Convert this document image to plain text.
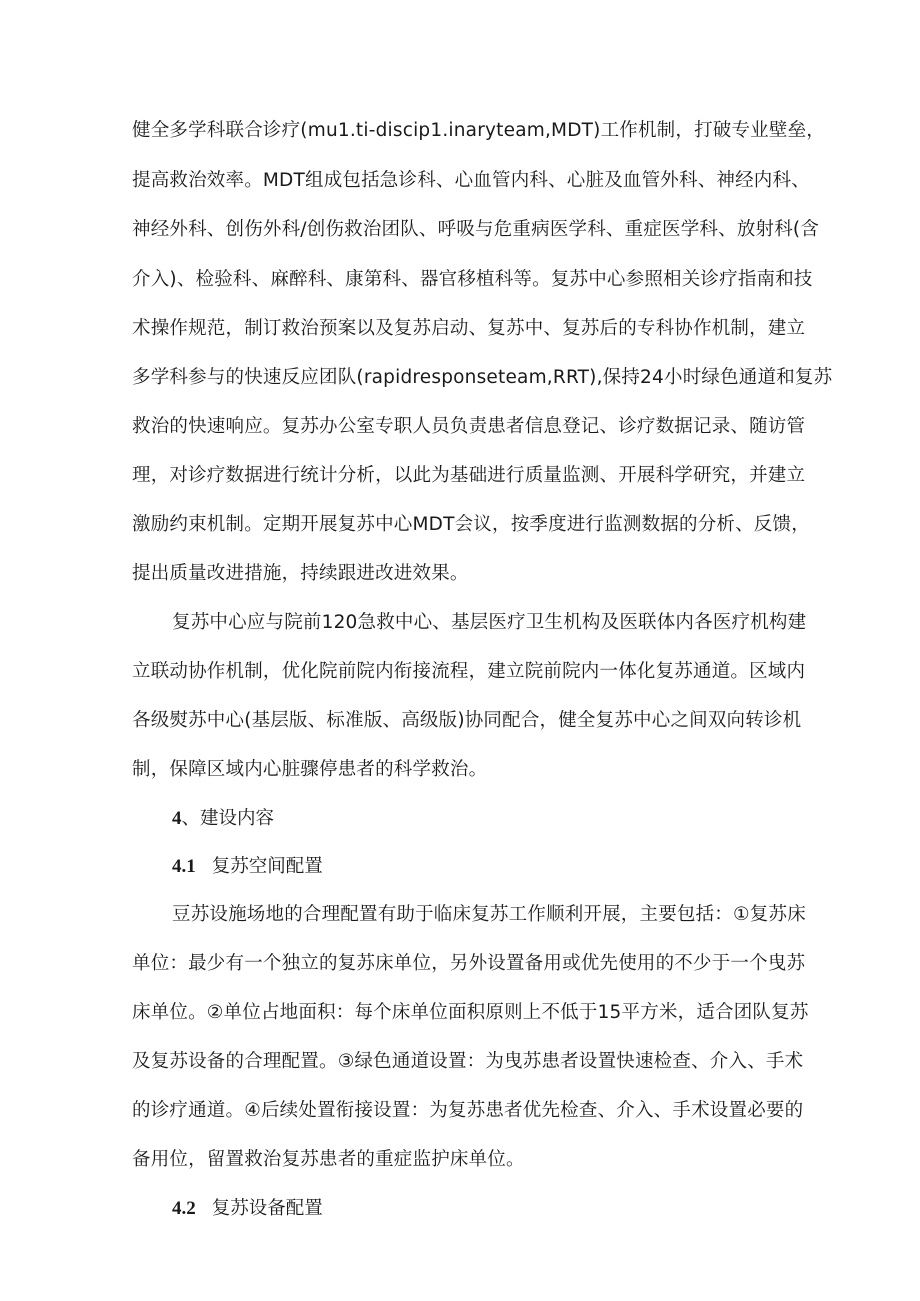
健全多学科联合诊疗(mu1.ti-discip1.inaryteam,MDT)工作机制，打破专业壁垒，
提高救治效率。MDT组成包括急诊科、心血管内科、心脏及血管外科、神经内科、
神经外科、创伤外科/创伤救治团队、呼吸与危重病医学科、重症医学科、放射科(含
介入)、检验科、麻醉科、康第科、器官移植科等。复苏中心参照相关诊疗指南和技
术操作规范，制订救治预案以及复苏启动、复苏中、复苏后的专科协作机制，建立
多学科参与的快速反应团队(rapidresponseteam,RRT),保持24小时绿色通道和复苏
救治的快速响应。复苏办公室专职人员负责患者信息登记、诊疗数据记录、随访管
理，对诊疗数据进行统计分析，以此为基础进行质量监测、开展科学研究，并建立
激励约束机制。定期开展复苏中心MDT会议，按季度进行监测数据的分析、反馈，
提出质量改进措施，持续跟进改进效果。
复苏中心应与院前120急救中心、基层医疗卫生机构及医联体内各医疗机构建
立联动协作机制，优化院前院内衔接流程，建立院前院内一体化复苏通道。区域内
各级熨苏中心(基层版、标准版、高级版)协同配合，健全复苏中心之间双向转诊机
制，保障区域内心脏骤停患者的科学救治。
4、建设内容
4.1 复苏空间配置
豆苏设施场地的合理配置有助于临床复苏工作顺利开展，主要包括：①复苏床
单位：最少有一个独立的复苏床单位，另外设置备用或优先使用的不少于一个曳苏
床单位。②单位占地面积：每个床单位面积原则上不低于15平方米，适合团队复苏
及复苏设备的合理配置。③绿色通道设置：为曳苏患者设置快速检查、介入、手术
的诊疗通道。④后续处置衔接设置：为复苏患者优先检查、介入、手术设置必要的
备用位，留置救治复苏患者的重症监护床单位。
4.2 复苏设备配置
